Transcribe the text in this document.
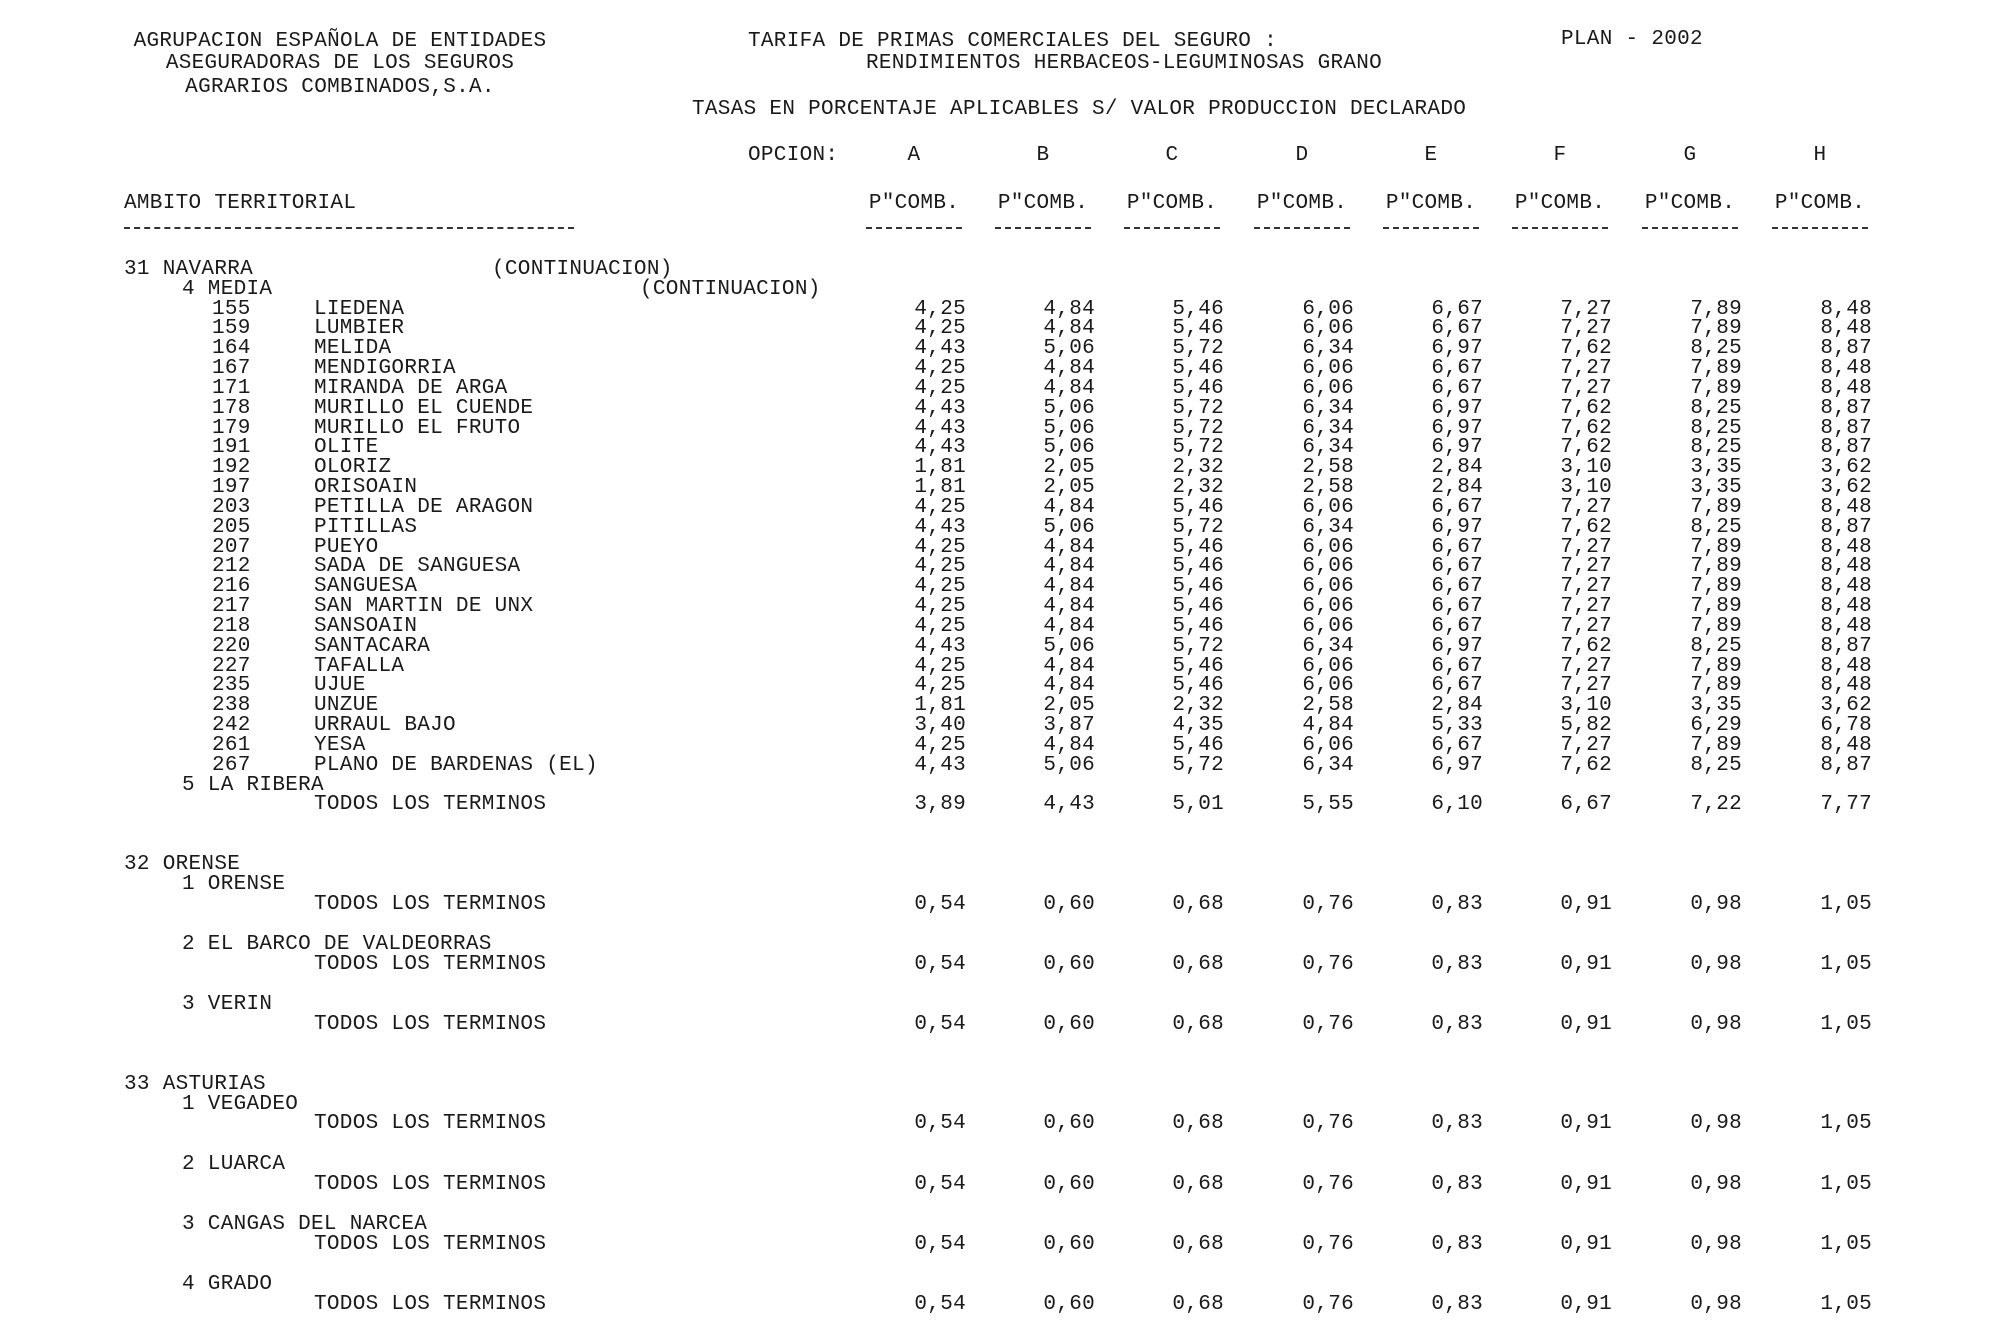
AGRUPACION ESPAÑOLA DE ENTIDADES
ASEGURADORAS DE LOS SEGUROS
AGRARIOS COMBINADOS,S.A.
TARIFA DE PRIMAS COMERCIALES DEL SEGURO :
RENDIMIENTOS HERBACEOS-LEGUMINOSAS GRANO
PLAN - 2002
TASAS EN PORCENTAJE APLICABLES S/ VALOR PRODUCCION DECLARADO
OPCION:	A	B	C	D	E	F	G	H
AMBITO TERRITORIAL	P"COMB.	P"COMB.	P"COMB.	P"COMB.	P"COMB.	P"COMB.	P"COMB.	P"COMB.
31 NAVARRA	(CONTINUACION)
4 MEDIA	(CONTINUACION)
155	LIEDENA	4,25	4,84	5,46	6,06	6,67	7,27	7,89	8,48
159	LUMBIER	4,25	4,84	5,46	6,06	6,67	7,27	7,89	8,48
164	MELIDA	4,43	5,06	5,72	6,34	6,97	7,62	8,25	8,87
167	MENDIGORRIA	4,25	4,84	5,46	6,06	6,67	7,27	7,89	8,48
171	MIRANDA DE ARGA	4,25	4,84	5,46	6,06	6,67	7,27	7,89	8,48
178	MURILLO EL CUENDE	4,43	5,06	5,72	6,34	6,97	7,62	8,25	8,87
179	MURILLO EL FRUTO	4,43	5,06	5,72	6,34	6,97	7,62	8,25	8,87
191	OLITE	4,43	5,06	5,72	6,34	6,97	7,62	8,25	8,87
192	OLORIZ	1,81	2,05	2,32	2,58	2,84	3,10	3,35	3,62
197	ORISOAIN	1,81	2,05	2,32	2,58	2,84	3,10	3,35	3,62
203	PETILLA DE ARAGON	4,25	4,84	5,46	6,06	6,67	7,27	7,89	8,48
205	PITILLAS	4,43	5,06	5,72	6,34	6,97	7,62	8,25	8,87
207	PUEYO	4,25	4,84	5,46	6,06	6,67	7,27	7,89	8,48
212	SADA DE SANGUESA	4,25	4,84	5,46	6,06	6,67	7,27	7,89	8,48
216	SANGUESA	4,25	4,84	5,46	6,06	6,67	7,27	7,89	8,48
217	SAN MARTIN DE UNX	4,25	4,84	5,46	6,06	6,67	7,27	7,89	8,48
218	SANSOAIN	4,25	4,84	5,46	6,06	6,67	7,27	7,89	8,48
220	SANTACARA	4,43	5,06	5,72	6,34	6,97	7,62	8,25	8,87
227	TAFALLA	4,25	4,84	5,46	6,06	6,67	7,27	7,89	8,48
235	UJUE	4,25	4,84	5,46	6,06	6,67	7,27	7,89	8,48
238	UNZUE	1,81	2,05	2,32	2,58	2,84	3,10	3,35	3,62
242	URRAUL BAJO	3,40	3,87	4,35	4,84	5,33	5,82	6,29	6,78
261	YESA	4,25	4,84	5,46	6,06	6,67	7,27	7,89	8,48
267	PLANO DE BARDENAS (EL)	4,43	5,06	5,72	6,34	6,97	7,62	8,25	8,87
5 LA RIBERA
TODOS LOS TERMINOS	3,89	4,43	5,01	5,55	6,10	6,67	7,22	7,77
32 ORENSE
1 ORENSE
TODOS LOS TERMINOS	0,54	0,60	0,68	0,76	0,83	0,91	0,98	1,05
2 EL BARCO DE VALDEORRAS
TODOS LOS TERMINOS	0,54	0,60	0,68	0,76	0,83	0,91	0,98	1,05
3 VERIN
TODOS LOS TERMINOS	0,54	0,60	0,68	0,76	0,83	0,91	0,98	1,05
33 ASTURIAS
1 VEGADEO
TODOS LOS TERMINOS	0,54	0,60	0,68	0,76	0,83	0,91	0,98	1,05
2 LUARCA
TODOS LOS TERMINOS	0,54	0,60	0,68	0,76	0,83	0,91	0,98	1,05
3 CANGAS DEL NARCEA
TODOS LOS TERMINOS	0,54	0,60	0,68	0,76	0,83	0,91	0,98	1,05
4 GRADO
TODOS LOS TERMINOS	0,54	0,60	0,68	0,76	0,83	0,91	0,98	1,05
